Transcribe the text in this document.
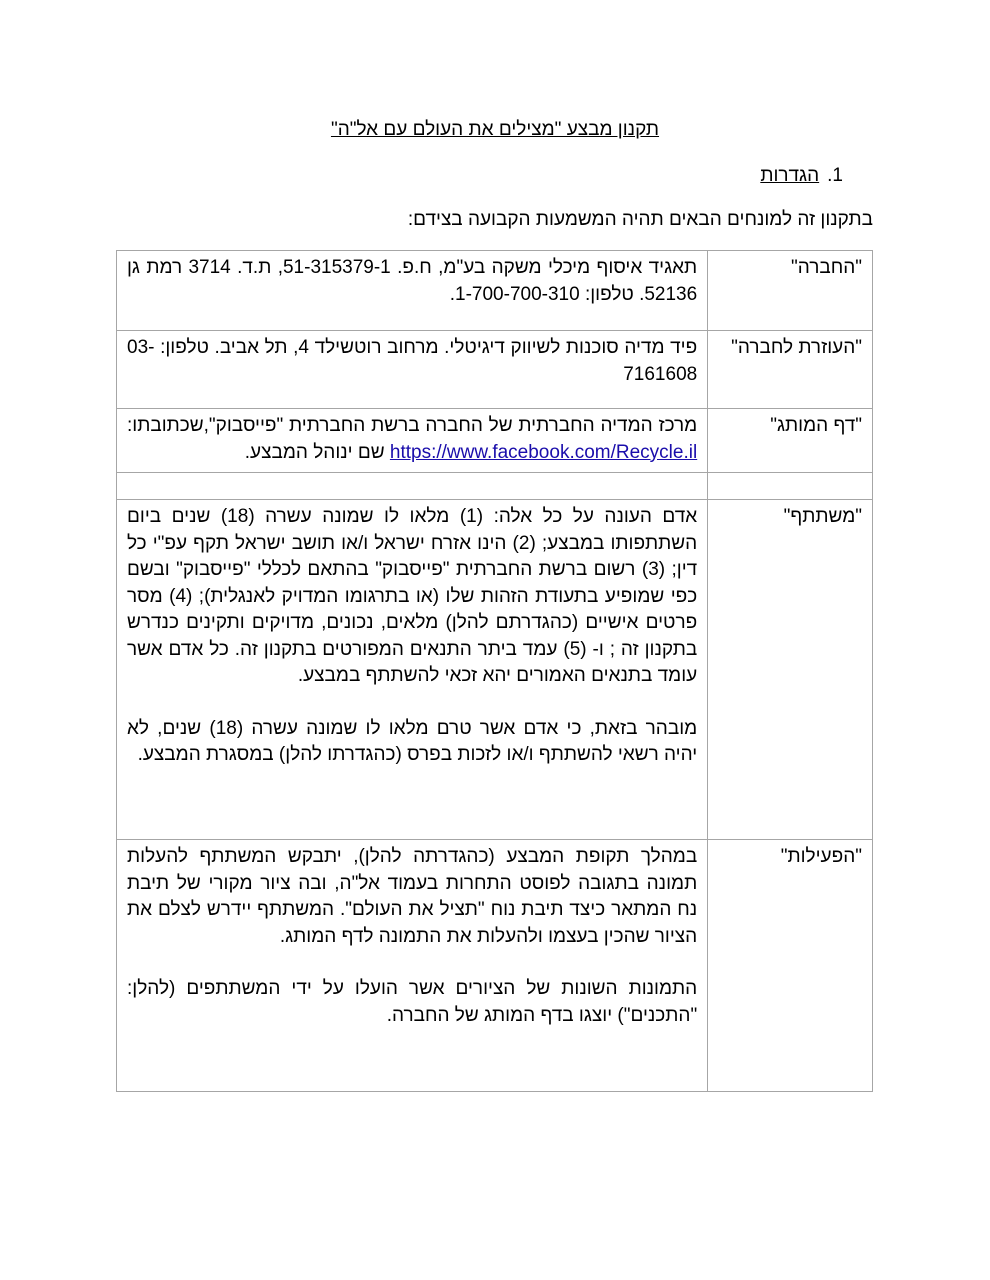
תקנון מבצע "מצילים את העולם עם אל"ה"
1.הגדרות
בתקנון זה למונחים הבאים תהיה המשמעות הקבועה בצידם:
"החברה"	תאגיד איסוף מיכלי משקה בע"מ, ח.פ. 51-315379-1, ת.ד. 3714 רמת גן 52136. טלפון: 1-700-700-310.
"העוזרת לחברה"	פיד מדיה סוכנות לשיווק דיגיטלי. מרחוב רוטשילד 4, תל אביב. טלפון: 03-7161608
"דף המותג"	מרכז המדיה החברתית של החברה ברשת החברתית "פייסבוק",שכתובתו: https://www.facebook.com/Recycle.il שם ינוהל המבצע.

"משתתף"	אדם העונה על כל אלה: (1) מלאו לו שמונה עשרה (18) שנים ביום השתתפותו במבצע; (2) הינו אזרח ישראל ו/או תושב ישראל תקף עפ"י כל דין; (3) רשום ברשת החברתית "פייסבוק" בהתאם לכללי "פייסבוק" ובשם כפי שמופיע בתעודת הזהות שלו (או בתרגומו המדויק לאנגלית); (4) מסר פרטים אישיים (כהגדרתם להלן) מלאים, נכונים, מדויקים ותקינים כנדרש בתקנון זה ; ו- (5) עמד ביתר התנאים המפורטים בתקנון זה. כל אדם אשר עומד בתנאים האמורים יהא זכאי להשתתף במבצע.
מובהר בזאת, כי אדם אשר טרם מלאו לו שמונה עשרה (18) שנים, לא יהיה רשאי להשתתף ו/או לזכות בפרס (כהגדרתו להלן) במסגרת המבצע.

"הפעילות"	במהלך תקופת המבצע (כהגדרתה להלן), יתבקש המשתתף להעלות תמונה בתגובה לפוסט התחרות בעמוד אל"ה, ובה ציור מקורי של תיבת נח המתאר כיצד תיבת נוח "תציל את העולם". המשתתף יידרש לצלם את הציור שהכין בעצמו ולהעלות את התמונה לדף המותג.
התמונות השונות של הציורים אשר הועלו על ידי המשתתפים (להלן: "התכנים") יוצגו בדף המותג של החברה.
